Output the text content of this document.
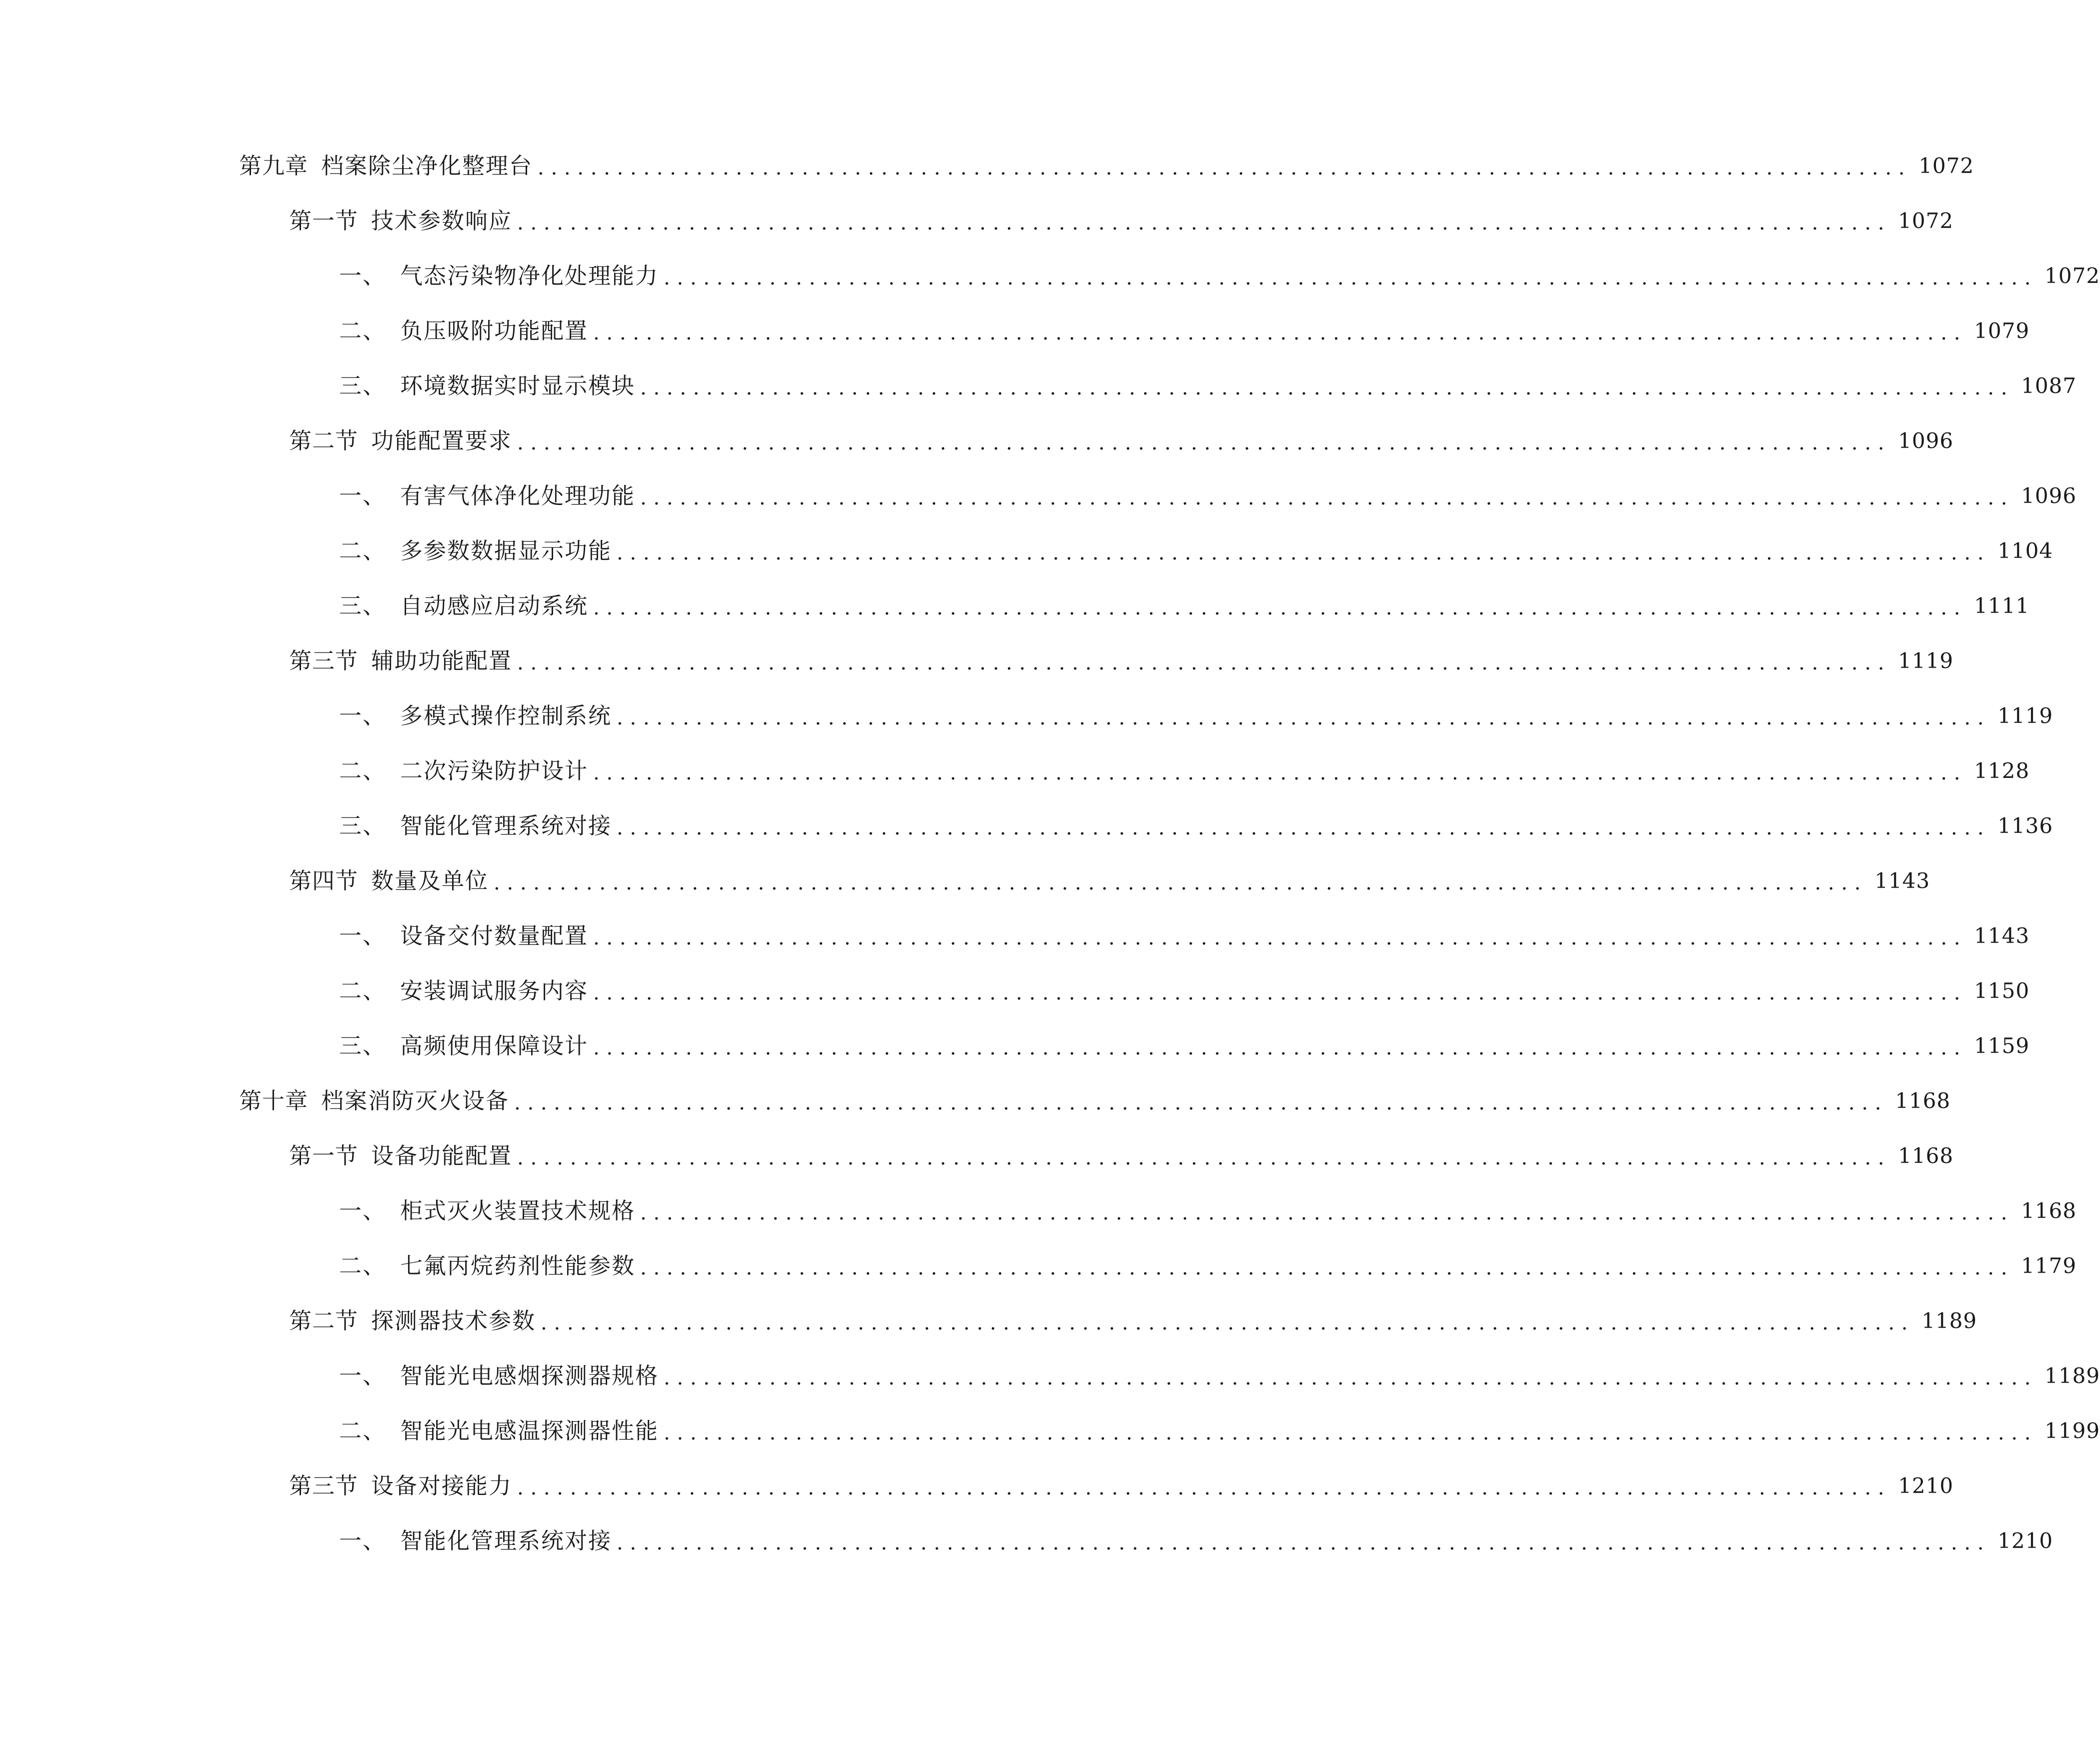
第九章 档案除尘净化整理台 ........................................................................................................ 1072
第一节 技术参数响应 ........................................................................................................ 1072
一、 气态污染物净化处理能力 ........................................................................................................ 1072
二、 负压吸附功能配置 ........................................................................................................ 1079
三、 环境数据实时显示模块 ........................................................................................................ 1087
第二节 功能配置要求 ........................................................................................................ 1096
一、 有害气体净化处理功能 ........................................................................................................ 1096
二、 多参数数据显示功能 ........................................................................................................ 1104
三、 自动感应启动系统 ........................................................................................................ 1111
第三节 辅助功能配置 ........................................................................................................ 1119
一、 多模式操作控制系统 ........................................................................................................ 1119
二、 二次污染防护设计 ........................................................................................................ 1128
三、 智能化管理系统对接 ........................................................................................................ 1136
第四节 数量及单位 ........................................................................................................ 1143
一、 设备交付数量配置 ........................................................................................................ 1143
二、 安装调试服务内容 ........................................................................................................ 1150
三、 高频使用保障设计 ........................................................................................................ 1159
第十章 档案消防灭火设备 ........................................................................................................ 1168
第一节 设备功能配置 ........................................................................................................ 1168
一、 柜式灭火装置技术规格 ........................................................................................................ 1168
二、 七氟丙烷药剂性能参数 ........................................................................................................ 1179
第二节 探测器技术参数 ........................................................................................................ 1189
一、 智能光电感烟探测器规格 ........................................................................................................ 1189
二、 智能光电感温探测器性能 ........................................................................................................ 1199
第三节 设备对接能力 ........................................................................................................ 1210
一、 智能化管理系统对接 ........................................................................................................ 1210
